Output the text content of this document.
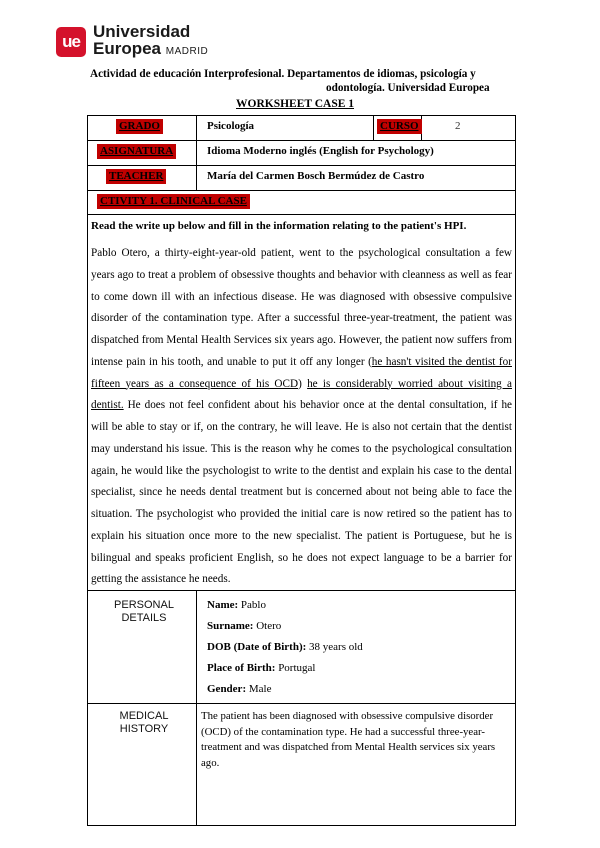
ue
Universidad
Europea MADRID
Actividad de educación Interprofesional. Departamentos de idiomas, psicología y
odontología. Universidad Europea
WORKSHEET CASE 1
GRADO	Psicología	CURSO	2
ASIGNATURA	Idioma Moderno inglés (English for Psychology)
TEACHER	María del Carmen Bosch Bermúdez de Castro
CTIVITY 1. CLINICAL CASE
Read the write up below and fill in the information relating to the patient's HPI.

Pablo Otero, a thirty-eight-year-old patient, went to the psychological consultation a few years ago to treat a problem of obsessive thoughts and behavior with cleanness as well as fear to come down ill with an infectious disease. He was diagnosed with obsessive compulsive disorder of the contamination type. After a successful three-year-treatment, the patient was dispatched from Mental Health Services six years ago. However, the patient now suffers from intense pain in his tooth, and unable to put it off any longer (he hasn't visited the dentist for fifteen years as a consequence of his OCD) he is considerably worried about visiting a dentist. He does not feel confident about his behavior once at the dental consultation, if he will be able to stay or if, on the contrary, he will leave. He is also not certain that the dentist may understand his issue. This is the reason why he comes to the psychological consultation again, he would like the psychologist to write to the dentist and explain his case to the dental specialist, since he needs dental treatment but is concerned about not being able to face the situation. The psychologist who provided the initial care is now retired so the patient has to explain his situation once more to the new specialist. The patient is Portuguese, but he is bilingual and speaks proficient English, so he does not expect language to be a barrier for getting the assistance he needs.

PERSONAL
DETAILS
Name: Pablo
Surname: Otero
DOB (Date of Birth): 38 years old
Place of Birth: Portugal
Gender: Male
MEDICAL
HISTORY

The patient has been diagnosed with obsessive compulsive disorder (OCD) of the contamination type. He had a successful three-year-treatment and was dispatched from Mental Health services six years ago.
